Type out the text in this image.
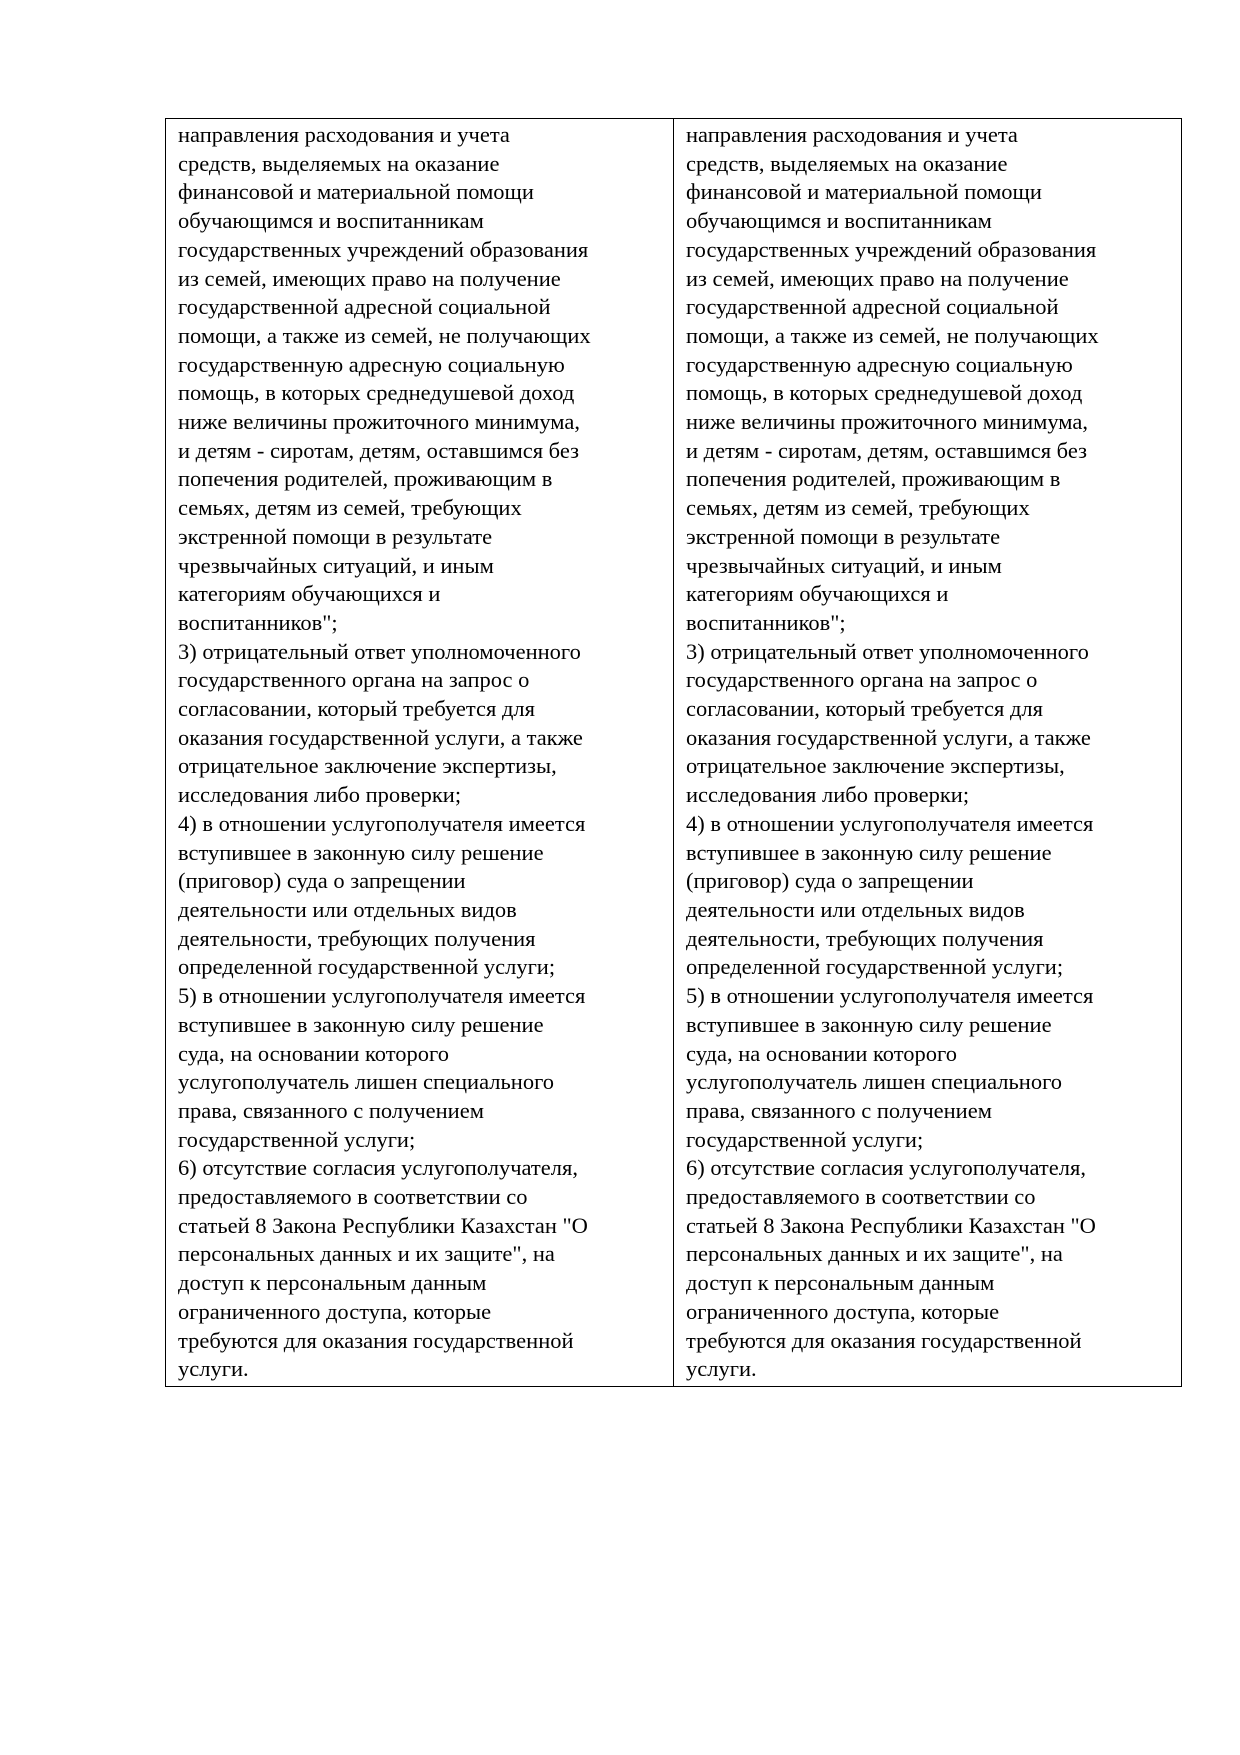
направления расходования и учета
средств, выделяемых на оказание
финансовой и материальной помощи
обучающимся и воспитанникам
государственных учреждений образования
из семей, имеющих право на получение
государственной адресной социальной
помощи, а также из семей, не получающих
государственную адресную социальную
помощь, в которых среднедушевой доход
ниже величины прожиточного минимума,
и детям - сиротам, детям, оставшимся без
попечения родителей, проживающим в
семьях, детям из семей, требующих
экстренной помощи в результате
чрезвычайных ситуаций, и иным
категориям обучающихся и
воспитанников";
3) отрицательный ответ уполномоченного
государственного органа на запрос о
согласовании, который требуется для
оказания государственной услуги, а также
отрицательное заключение экспертизы,
исследования либо проверки;
4) в отношении услугополучателя имеется
вступившее в законную силу решение
(приговор) суда о запрещении
деятельности или отдельных видов
деятельности, требующих получения
определенной государственной услуги;
5) в отношении услугополучателя имеется
вступившее в законную силу решение
суда, на основании которого
услугополучатель лишен специального
права, связанного с получением
государственной услуги;
6) отсутствие согласия услугополучателя,
предоставляемого в соответствии со
статьей 8 Закона Республики Казахстан "О
персональных данных и их защите", на
доступ к персональным данным
ограниченного доступа, которые
требуются для оказания государственной
услуги.

направления расходования и учета
средств, выделяемых на оказание
финансовой и материальной помощи
обучающимся и воспитанникам
государственных учреждений образования
из семей, имеющих право на получение
государственной адресной социальной
помощи, а также из семей, не получающих
государственную адресную социальную
помощь, в которых среднедушевой доход
ниже величины прожиточного минимума,
и детям - сиротам, детям, оставшимся без
попечения родителей, проживающим в
семьях, детям из семей, требующих
экстренной помощи в результате
чрезвычайных ситуаций, и иным
категориям обучающихся и
воспитанников";
3) отрицательный ответ уполномоченного
государственного органа на запрос о
согласовании, который требуется для
оказания государственной услуги, а также
отрицательное заключение экспертизы,
исследования либо проверки;
4) в отношении услугополучателя имеется
вступившее в законную силу решение
(приговор) суда о запрещении
деятельности или отдельных видов
деятельности, требующих получения
определенной государственной услуги;
5) в отношении услугополучателя имеется
вступившее в законную силу решение
суда, на основании которого
услугополучатель лишен специального
права, связанного с получением
государственной услуги;
6) отсутствие согласия услугополучателя,
предоставляемого в соответствии со
статьей 8 Закона Республики Казахстан "О
персональных данных и их защите", на
доступ к персональным данным
ограниченного доступа, которые
требуются для оказания государственной
услуги.
